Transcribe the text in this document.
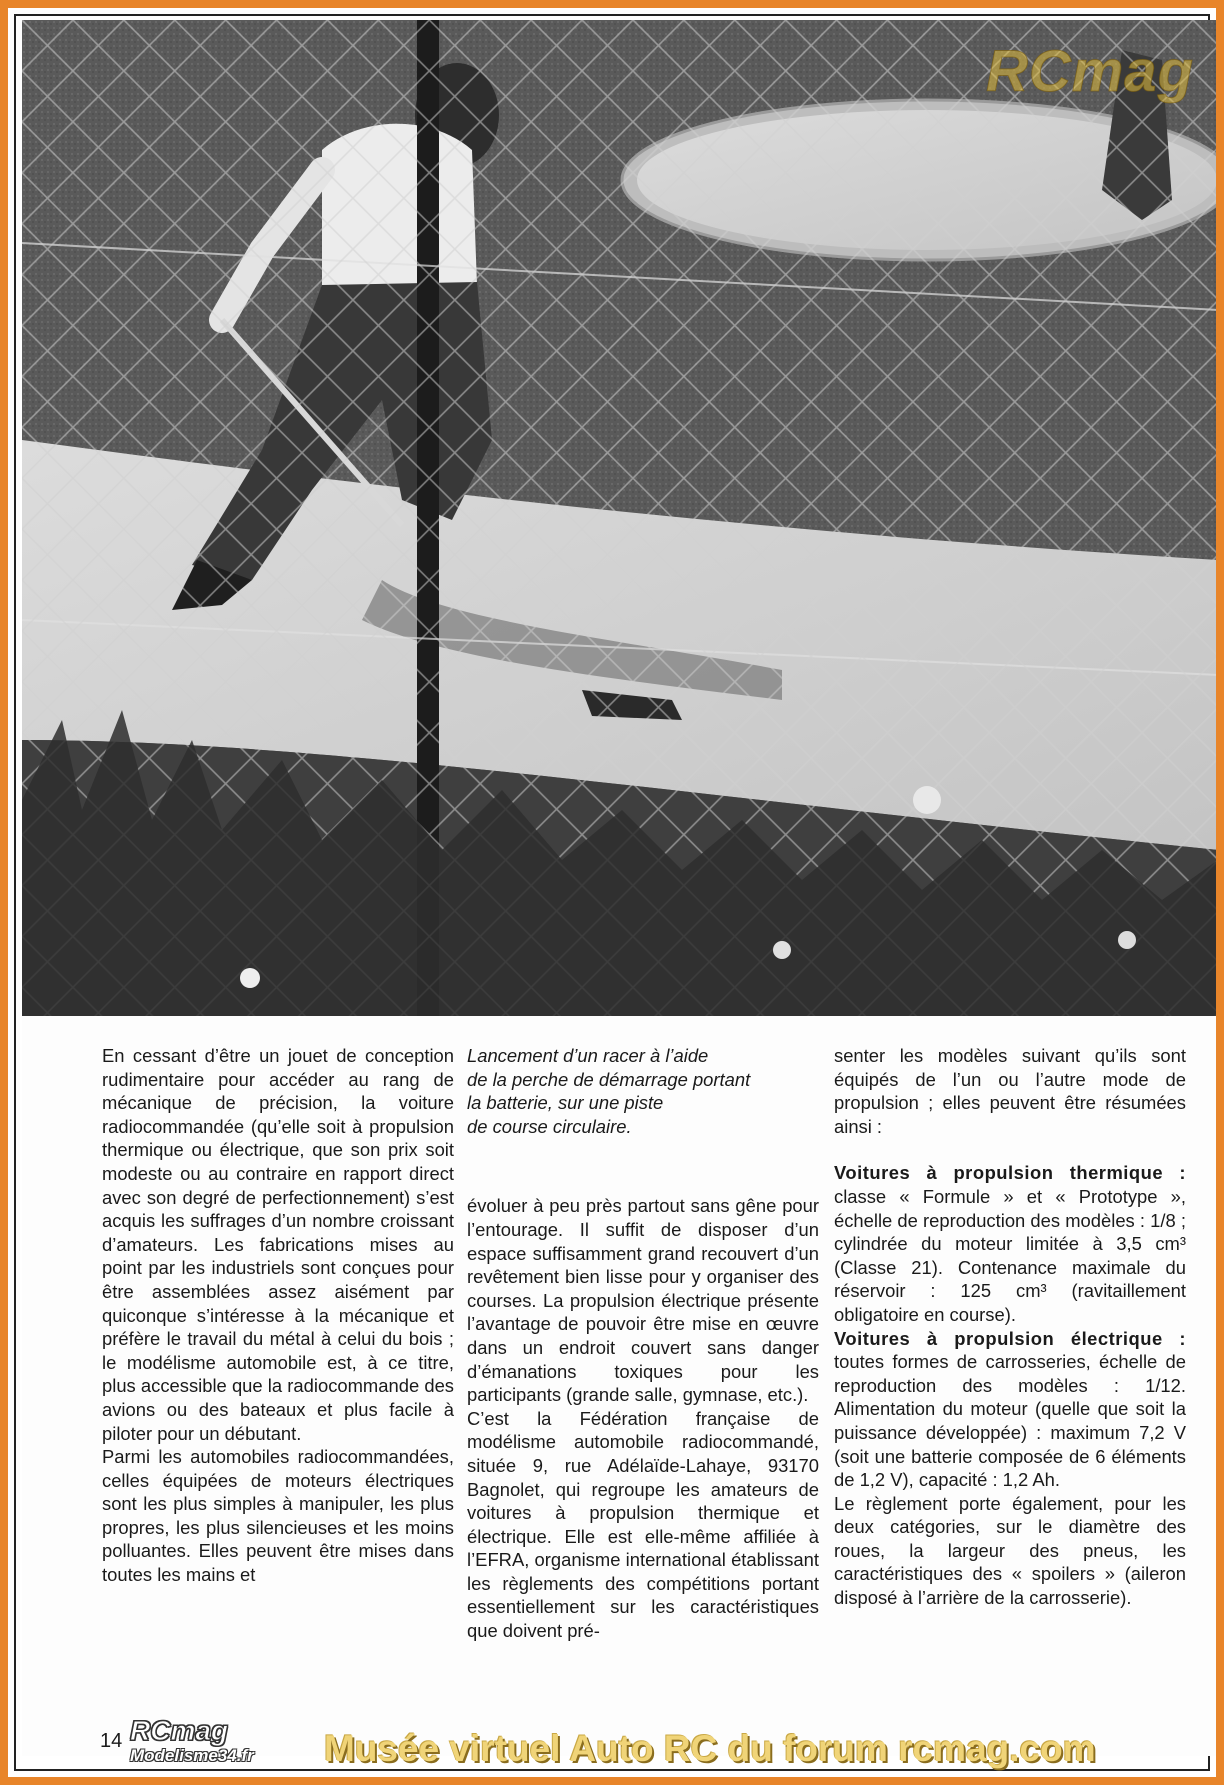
RCmag

En cessant d’être un jouet de conception rudimentaire pour accéder au rang de mécanique de précision, la voiture radiocommandée (qu’elle soit à propulsion thermique ou électrique, que son prix soit modeste ou au contraire en rapport direct avec son degré de perfectionnement) s’est acquis les suffrages d’un nombre croissant d’amateurs. Les fabrications mises au point par les industriels sont conçues pour être assemblées assez aisément par quiconque s’intéresse à la mécanique et préfère le travail du métal à celui du bois ; le modélisme automobile est, à ce titre, plus accessible que la radiocommande des avions ou des bateaux et plus facile à piloter pour un débutant.

Parmi les automobiles radiocommandées, celles équipées de moteurs électriques sont les plus simples à manipuler, les plus propres, les plus silencieuses et les moins polluantes. Elles peuvent être mises dans toutes les mains et

Lancement d’un racer à l’aide
de la perche de démarrage portant
la batterie, sur une piste
de course circulaire.

évoluer à peu près partout sans gêne pour l’entourage. Il suffit de disposer d’un espace suffisamment grand recouvert d’un revêtement bien lisse pour y organiser des courses. La propulsion électrique présente l’avantage de pouvoir être mise en œuvre dans un endroit couvert sans danger d’émanations toxiques pour les participants (grande salle, gymnase, etc.).

C’est la Fédération française de modélisme automobile radiocommandé, située 9, rue Adélaïde-Lahaye, 93170 Bagnolet, qui regroupe les amateurs de voitures à propulsion thermique et électrique. Elle est elle-même affiliée à l’EFRA, organisme international établissant les règlements des compétitions portant essentiellement sur les caractéristiques que doivent pré-

senter les modèles suivant qu’ils sont équipés de l’un ou l’autre mode de propulsion ; elles peuvent être résumées ainsi :

Voitures à propulsion thermique : classe « Formule » et « Prototype », échelle de reproduction des modèles : 1/8 ; cylindrée du moteur limitée à 3,5 cm³ (Classe 21). Contenance maximale du réservoir : 125 cm³ (ravitaillement obligatoire en course).

Voitures à propulsion électrique : toutes formes de carrosseries, échelle de reproduction des modèles : 1/12. Alimentation du moteur (quelle que soit la puissance développée) : maximum 7,2 V (soit une batterie composée de 6 éléments de 1,2 V), capacité : 1,2 Ah.

Le règlement porte également, pour les deux catégories, sur le diamètre des roues, la largeur des pneus, les caractéristiques des « spoilers » (aileron disposé à l’arrière de la carrosserie).

14 RCmag
Modelisme34.fr	Musée virtuel Auto RC du forum rcmag.com
